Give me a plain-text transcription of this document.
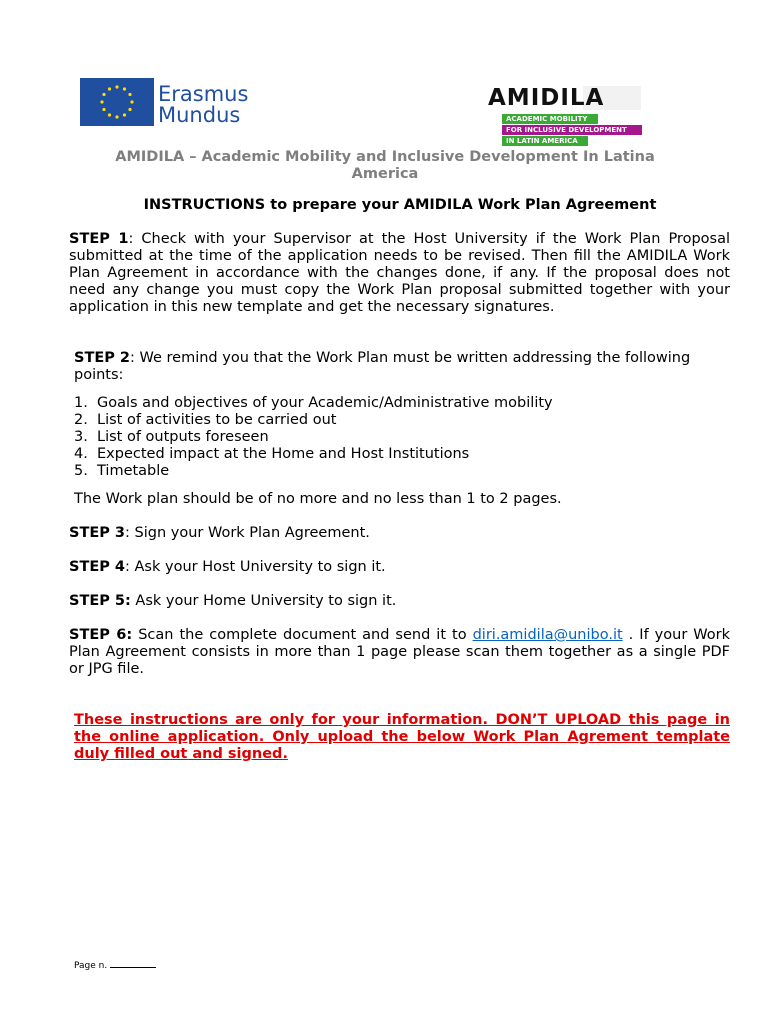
Erasmus
Mundus
AMIDILA
ACADEMIC MOBILITY
FOR INCLUSIVE DEVELOPMENT
IN LATIN AMERICA
AMIDILA – Academic Mobility and Inclusive Development In Latina America
INSTRUCTIONS to prepare your AMIDILA Work Plan Agreement
STEP 1: Check with your Supervisor at the Host University if the Work Plan Proposal submitted at the time of the application needs to be revised. Then fill the AMIDILA Work Plan Agreement in accordance with the changes done, if any. If the proposal does not need any change you must copy the Work Plan proposal submitted together with your application in this new template and get the necessary signatures.
STEP 2: We remind you that the Work Plan must be written addressing the following points:
1. Goals and objectives of your Academic/Administrative mobility
2. List of activities to be carried out
3. List of outputs foreseen
4. Expected impact at the Home and Host Institutions
5. Timetable
The Work plan should be of no more and no less than 1 to 2 pages.
STEP 3: Sign your Work Plan Agreement.
STEP 4: Ask your Host University to sign it.
STEP 5: Ask your Home University to sign it.
STEP 6: Scan the complete document and send it to diri.amidila@unibo.it . If your Work Plan Agreement consists in more than 1 page please scan them together as a single PDF or JPG file.
These instructions are only for your information. DON’T UPLOAD this page in the online application. Only upload the below Work Plan Agrement template duly filled out and signed.
Page n.
